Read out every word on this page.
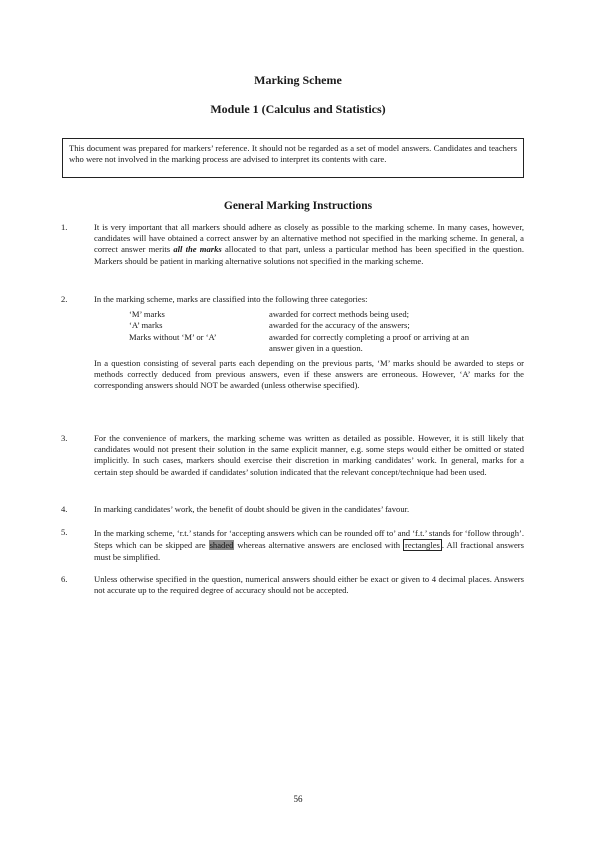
Marking Scheme
Module 1 (Calculus and Statistics)
This document was prepared for markers’ reference. It should not be regarded as a set of model answers. Candidates and teachers who were not involved in the marking process are advised to interpret its contents with care.
General Marking Instructions
1.	It is very important that all markers should adhere as closely as possible to the marking scheme. In many cases, however, candidates will have obtained a correct answer by an alternative method not specified in the marking scheme. In general, a correct answer merits all the marks allocated to that part, unless a particular method has been specified in the question. Markers should be patient in marking alternative solutions not specified in the marking scheme.

2.	In the marking scheme, marks are classified into the following three categories:

‘M’ marks	awarded for correct methods being used;
‘A’ marks	awarded for the accuracy of the answers;
Marks without ‘M’ or ‘A’	awarded for correctly completing a proof or arriving at an answer given in a question.

In a question consisting of several parts each depending on the previous parts, ‘M’ marks should be awarded to steps or methods correctly deduced from previous answers, even if these answers are erroneous. However, ‘A’ marks for the corresponding answers should NOT be awarded (unless otherwise specified).

3.	For the convenience of markers, the marking scheme was written as detailed as possible. However, it is still likely that candidates would not present their solution in the same explicit manner, e.g. some steps would either be omitted or stated implicitly. In such cases, markers should exercise their discretion in marking candidates’ work. In general, marks for a certain step should be awarded if candidates’ solution indicated that the relevant concept/technique had been used.
4.	In marking candidates’ work, the benefit of doubt should be given in the candidates’ favour.
5.	In the marking scheme, ‘r.t.’ stands for ‘accepting answers which can be rounded off to’ and ‘f.t.’ stands for ‘follow through’. Steps which can be skipped are shaded whereas alternative answers are enclosed with rectangles . All fractional answers must be simplified.

6.	Unless otherwise specified in the question, numerical answers should either be exact or given to 4 decimal places. Answers not accurate up to the required degree of accuracy should not be accepted.
56
